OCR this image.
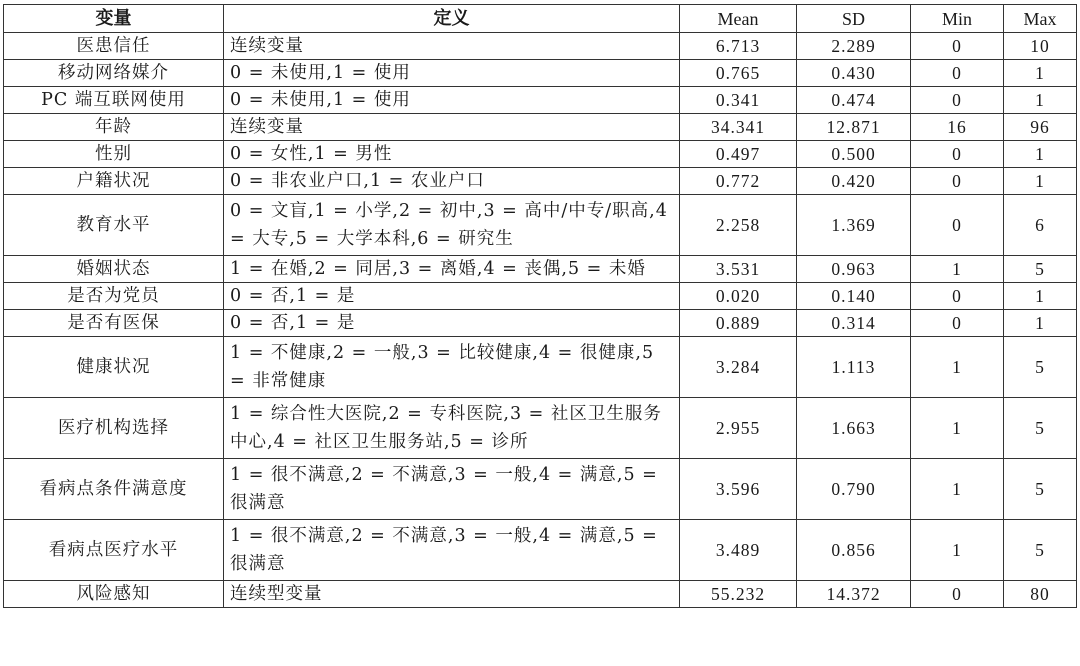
变量	定义	Mean	SD	Min	Max
医患信任	连续变量	6.713	2.289	0	10
移动网络媒介	0 = 未使用,1 = 使用	0.765	0.430	0	1
PC 端互联网使用	0 = 未使用,1 = 使用	0.341	0.474	0	1
年龄	连续变量	34.341	12.871	16	96
性别	0 = 女性,1 = 男性	0.497	0.500	0	1
户籍状况	0 = 非农业户口,1 = 农业户口	0.772	0.420	0	1
教育水平	0 = 文盲,1 = 小学,2 = 初中,3 = 高中/中专/职高,4 = 大专,5 = 大学本科,6 = 研究生	2.258	1.369	0	6
婚姻状态	1 = 在婚,2 = 同居,3 = 离婚,4 = 丧偶,5 = 未婚	3.531	0.963	1	5
是否为党员	0 = 否,1 = 是	0.020	0.140	0	1
是否有医保	0 = 否,1 = 是	0.889	0.314	0	1
健康状况	1 = 不健康,2 = 一般,3 = 比较健康,4 = 很健康,5 = 非常健康	3.284	1.113	1	5
医疗机构选择	1 = 综合性大医院,2 = 专科医院,3 = 社区卫生服务中心,4 = 社区卫生服务站,5 = 诊所	2.955	1.663	1	5
看病点条件满意度	1 = 很不满意,2 = 不满意,3 = 一般,4 = 满意,5 = 很满意	3.596	0.790	1	5
看病点医疗水平	1 = 很不满意,2 = 不满意,3 = 一般,4 = 满意,5 = 很满意	3.489	0.856	1	5
风险感知	连续型变量	55.232	14.372	0	80
